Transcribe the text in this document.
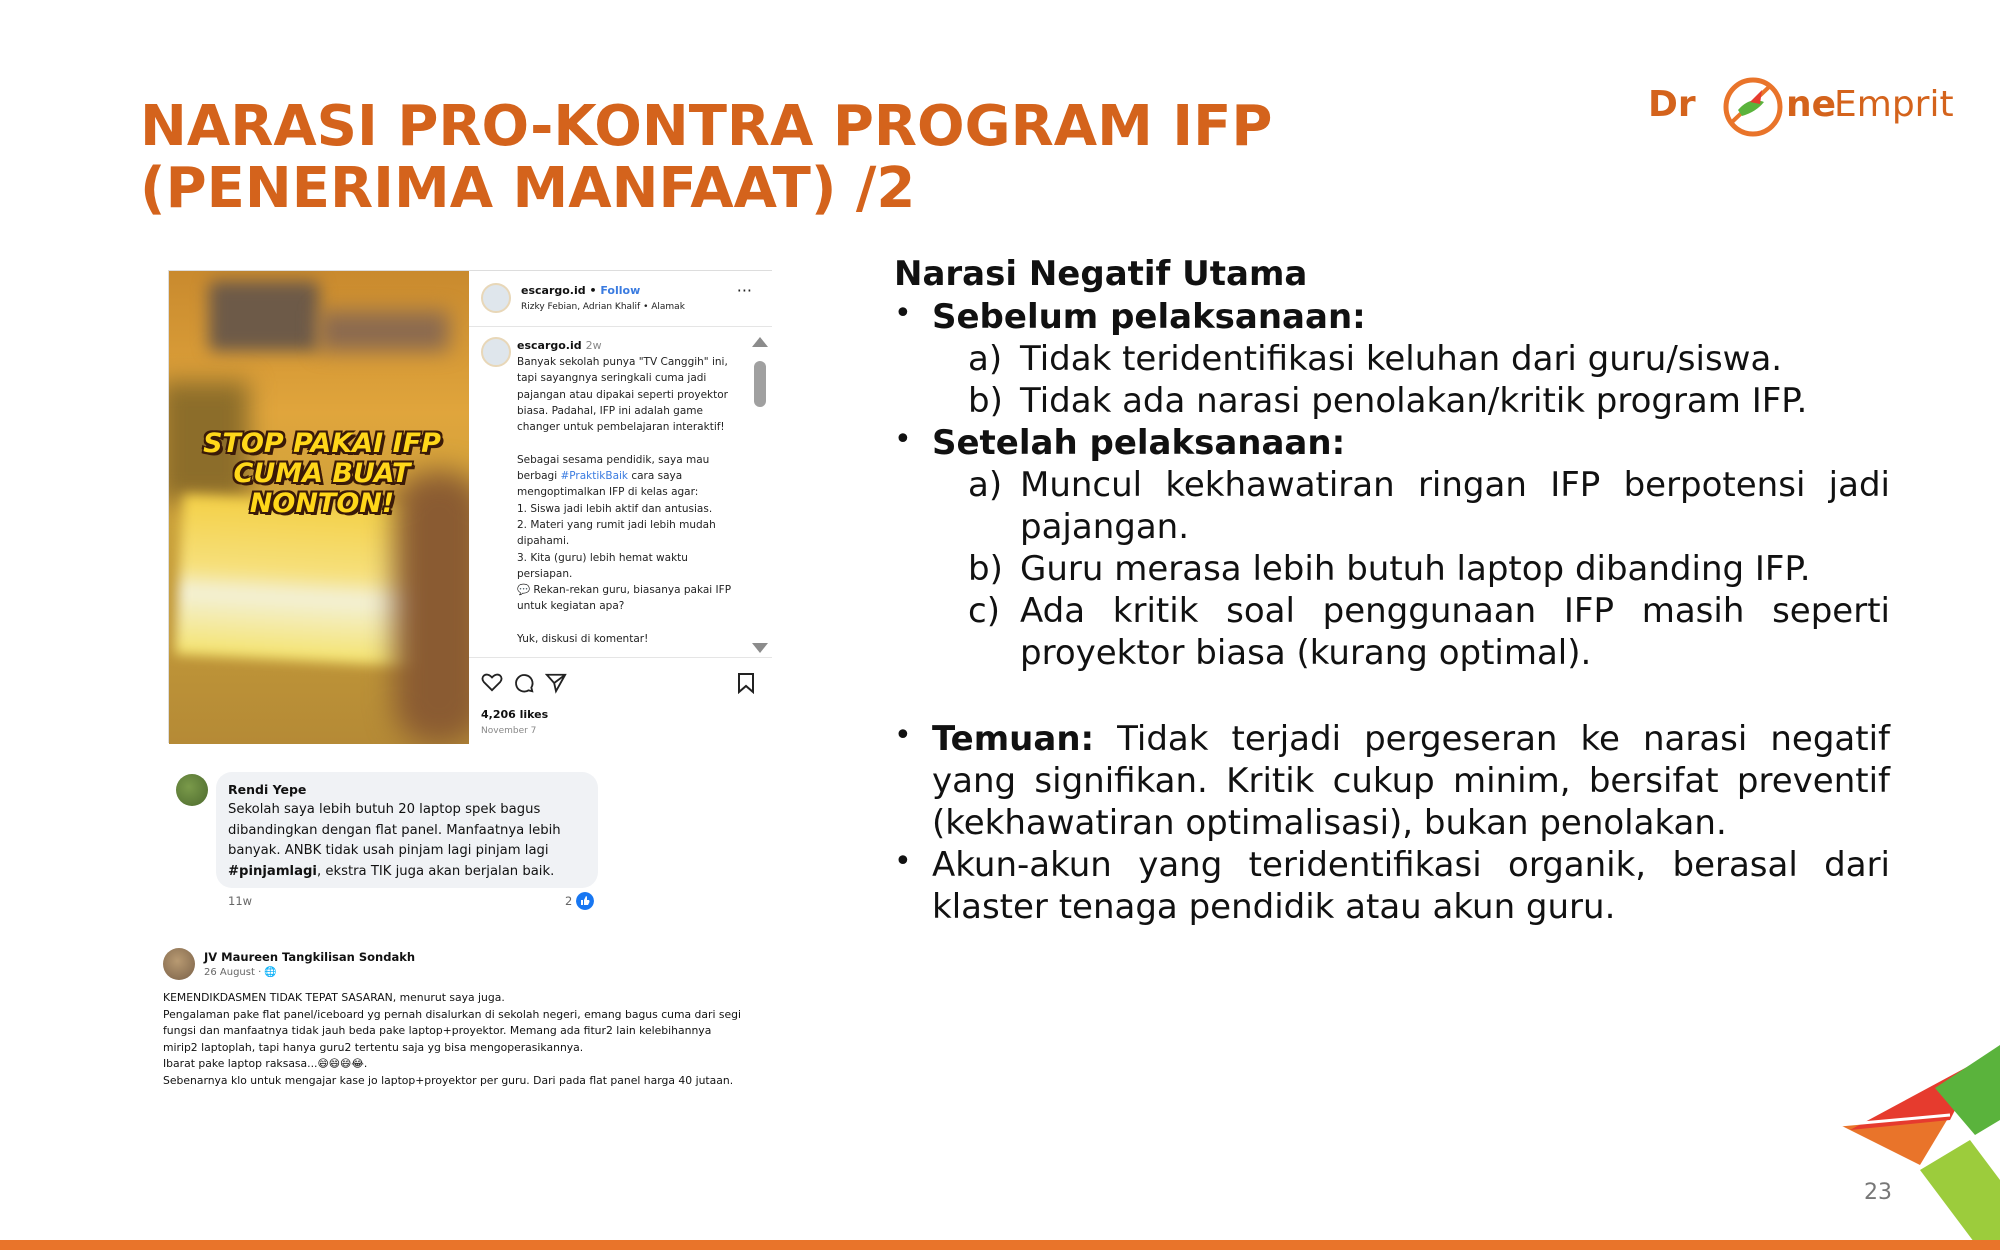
NARASI PRO-KONTRA PROGRAM IFP
(PENERIMA MANFAAT) /2
Dr	ne
Emprit
STOP PAKAI IFP
CUMA BUAT NONTON!
escargo.id • Follow
Rizky Febian, Adrian Khalif • Alamak
···
escargo.id 2w
Banyak sekolah punya "TV Canggih" ini, tapi sayangnya seringkali cuma jadi pajangan atau dipakai seperti proyektor biasa. Padahal, IFP ini adalah game changer untuk pembelajaran interaktif!

Sebagai sesama pendidik, saya mau berbagi #PraktikBaik cara saya mengoptimalkan IFP di kelas agar:
1. Siswa jadi lebih aktif dan antusias.
2. Materi yang rumit jadi lebih mudah dipahami.
3. Kita (guru) lebih hemat waktu persiapan.
💬 Rekan-rekan guru, biasanya pakai IFP untuk kegiatan apa?

Yuk, diskusi di komentar!
4,206 likes
November 7
Rendi Yepe
Sekolah saya lebih butuh 20 laptop spek bagus dibandingkan dengan flat panel. Manfaatnya lebih banyak. ANBK tidak usah pinjam lagi pinjam lagi #pinjamlagi, ekstra TIK juga akan berjalan baik.
11w	2
JV Maureen Tangkilisan Sondakh
26 August · 🌐
KEMENDIKDASMEN TIDAK TEPAT SASARAN, menurut saya juga.
Pengalaman pake flat panel/iceboard yg pernah disalurkan di sekolah negeri, emang bagus cuma dari segi fungsi dan manfaatnya tidak jauh beda pake laptop+proyektor. Memang ada fitur2 lain kelebihannya mirip2 laptoplah, tapi hanya guru2 tertentu saja yg bisa mengoperasikannya.
Ibarat pake laptop raksasa...😄😄😄😂.
Sebenarnya klo untuk mengajar kase jo laptop+proyektor per guru. Dari pada flat panel harga 40 jutaan.
Narasi Negatif Utama
• Sebelum pelaksanaan:
a) Tidak teridentifikasi keluhan dari guru/siswa.
b) Tidak ada narasi penolakan/kritik program IFP.
• Setelah pelaksanaan:
a) Muncul kekhawatiran ringan IFP berpotensi jadi pajangan.
b) Guru merasa lebih butuh laptop dibanding IFP.
c) Ada kritik soal penggunaan IFP masih seperti proyektor biasa (kurang optimal).
• Temuan: Tidak terjadi pergeseran ke narasi negatif yang signifikan. Kritik cukup minim, bersifat preventif (kekhawatiran optimalisasi), bukan penolakan.
• Akun-akun yang teridentifikasi organik, berasal dari klaster tenaga pendidik atau akun guru.
23
